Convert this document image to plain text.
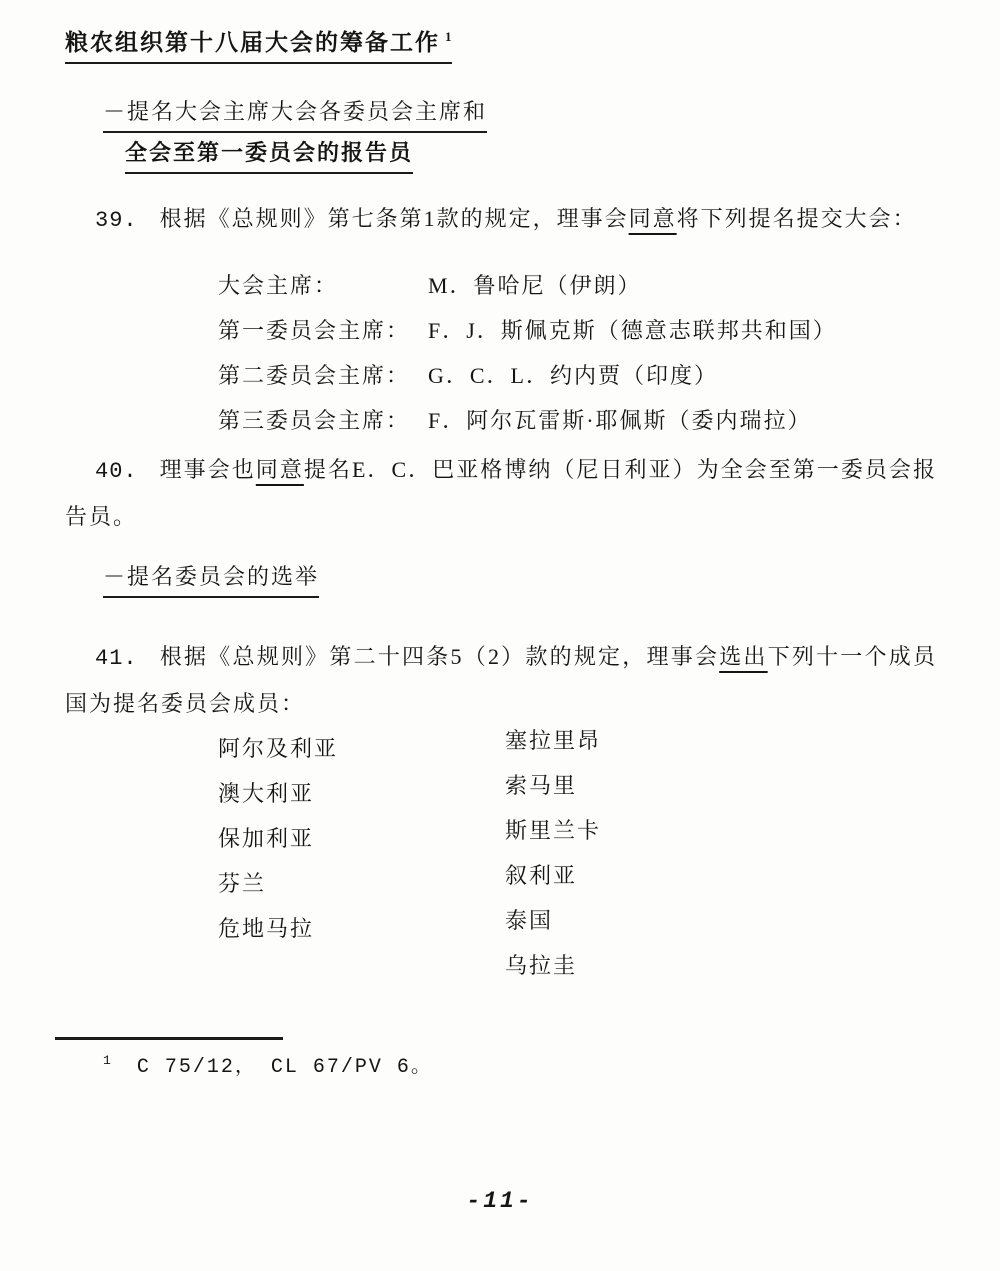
粮农组织第十八届大会的筹备工作 $^1$
－提名大会主席大会各委员会主席和
全会至第一委员会的报告员
39. 根据《总规则》第七条第1款的规定，理事会同意将下列提名提交大会：
大会主席：	M．鲁哈尼（伊朗）
第一委员会主席： F．J．斯佩克斯（德意志联邦共和国）
第二委员会主席： G．C．L．约内贾（印度）
第三委员会主席： F．阿尔瓦雷斯·耶佩斯（委内瑞拉）
40. 理事会也同意提名E．C．巴亚格博纳（尼日利亚）为全会至第一委员会报告员。
－提名委员会的选举
41. 根据《总规则》第二十四条5（2）款的规定，理事会选出下列十一个成员国为提名委员会成员：
阿尔及利亚
澳大利亚
保加利亚
芬兰
危地马拉
塞拉里昂
索马里
斯里兰卡
叙利亚
泰国
乌拉圭
$^1$ C 75/12， CL 67/PV 6。
-11-
